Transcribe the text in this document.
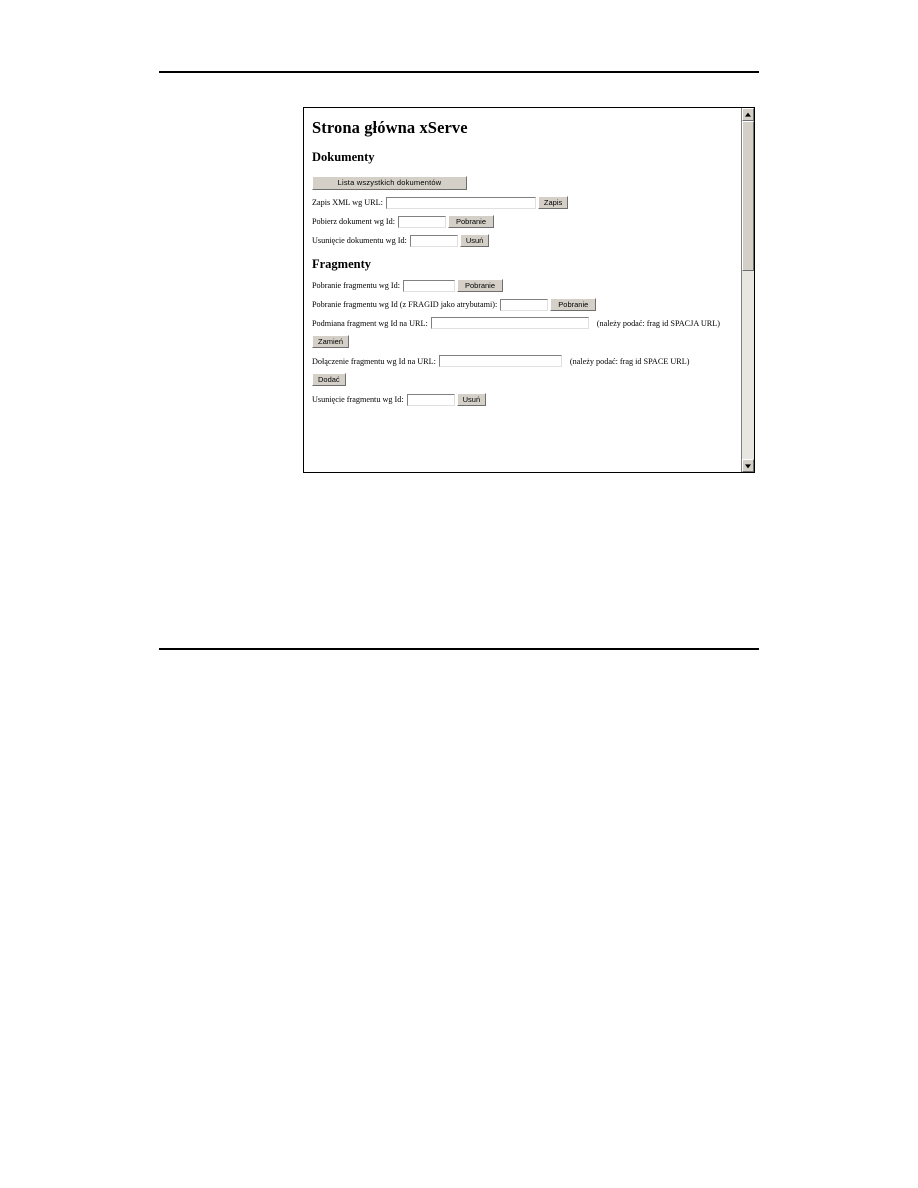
Strona główna xServe
Dokumenty
Lista wszystkich dokumentów
Zapis XML wg URL:	Zapis
Pobierz dokument wg Id:	Pobranie
Usunięcie dokumentu wg Id:	Usuń
Fragmenty
Pobranie fragmentu wg Id:	Pobranie
Pobranie fragmentu wg Id (z FRAGID jako atrybutami):	Pobranie
Podmiana fragment wg Id na URL:	(należy podać: frag id SPACJA URL)
Zamień
Dołączenie fragmentu wg Id na URL:	(należy podać: frag id SPACE URL)
Dodać
Usunięcie fragmentu wg Id:	Usuń
